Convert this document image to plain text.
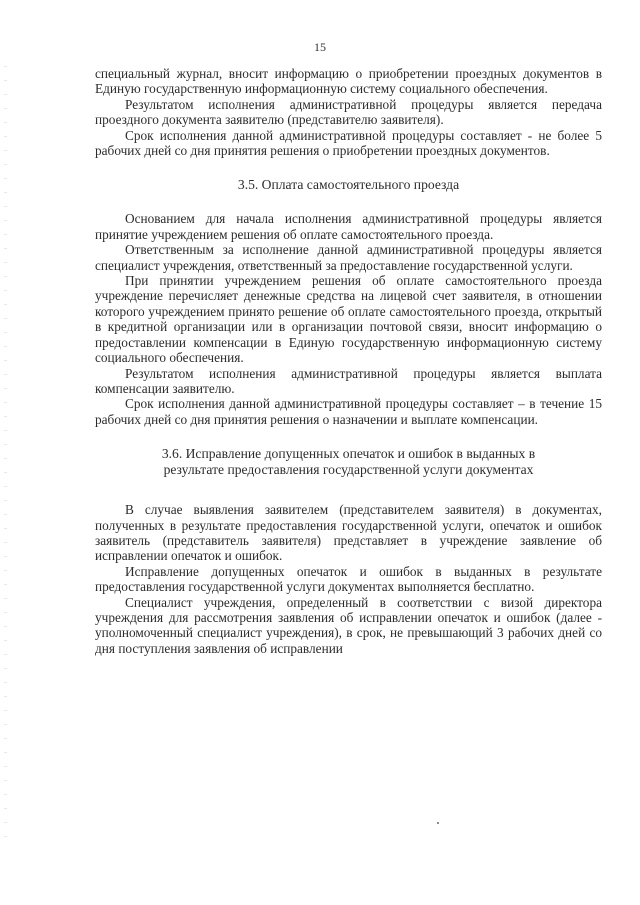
15

специальный журнал, вносит информацию о приобретении проездных документов в Единую государственную информационную систему социального обеспечения.

Результатом исполнения административной процедуры является передача проездного документа заявителю (представителю заявителя).

Срок исполнения данной административной процедуры составляет - не более 5 рабочих дней со дня принятия решения о приобретении проездных документов.

3.5. Оплата самостоятельного проезда

Основанием для начала исполнения административной процедуры является принятие учреждением решения об оплате самостоятельного проезда.

Ответственным за исполнение данной административной процедуры является специалист учреждения, ответственный за предоставление государственной услуги.

При принятии учреждением решения об оплате самостоятельного проезда учреждение перечисляет денежные средства на лицевой счет заявителя, в отношении которого учреждением принято решение об оплате самостоятельного проезда, открытый в кредитной организации или в организации почтовой связи, вносит информацию о предоставлении компенсации в Единую государственную информационную систему социального обеспечения.

Результатом исполнения административной процедуры является выплата компенсации заявителю.

Срок исполнения данной административной процедуры составляет – в течение 15 рабочих дней со дня принятия решения о назначении и выплате компенсации.

3.6. Исправление допущенных опечаток и ошибок в выданных в
результате предоставления государственной услуги документах

В случае выявления заявителем (представителем заявителя) в документах, полученных в результате предоставления государственной услуги, опечаток и ошибок заявитель (представитель заявителя) представляет в учреждение заявление об исправлении опечаток и ошибок.

Исправление допущенных опечаток и ошибок в выданных в результате предоставления государственной услуги документах выполняется бесплатно.

Специалист учреждения, определенный в соответствии с визой директора учреждения для рассмотрения заявления об исправлении опечаток и ошибок (далее - уполномоченный специалист учреждения), в срок, не превышающий 3 рабочих дней со дня поступления заявления об исправлении
